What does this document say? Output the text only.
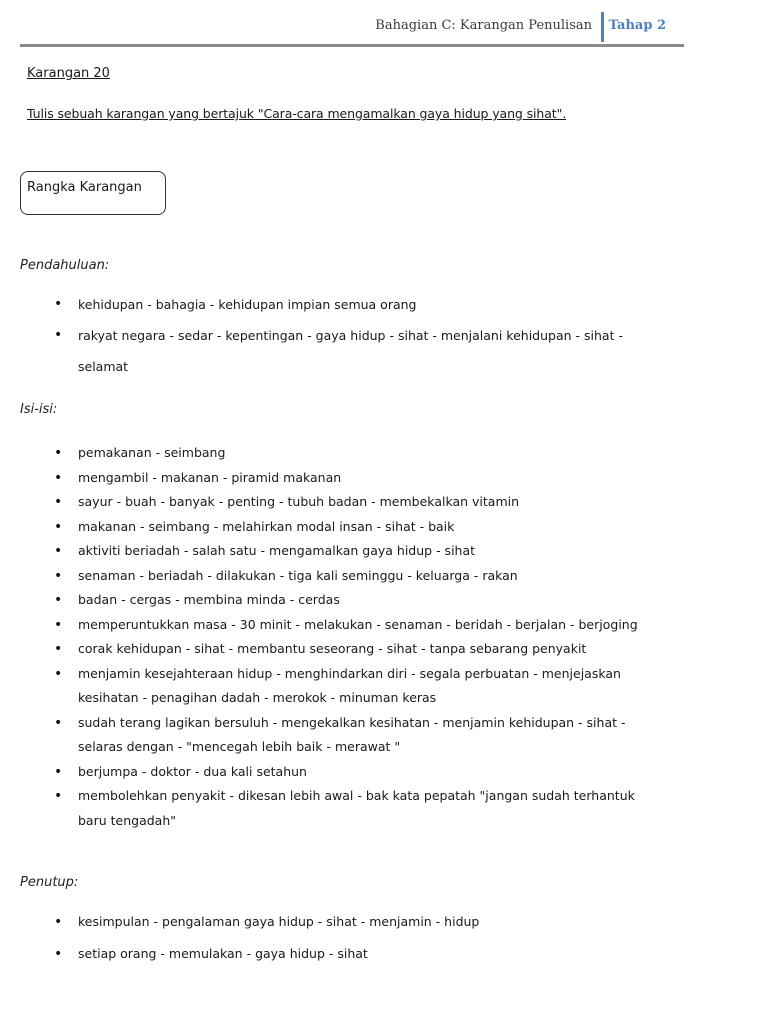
Bahagian C: Karangan Penulisan Tahap 2
Karangan 20
Tulis sebuah karangan yang bertajuk "Cara-cara mengamalkan gaya hidup yang sihat".
Rangka Karangan
Pendahuluan:
• kehidupan - bahagia - kehidupan impian semua orang
• rakyat negara - sedar - kepentingan - gaya hidup - sihat - menjalani kehidupan - sihat - selamat
Isi-isi:
• pemakanan - seimbang
• mengambil - makanan - piramid makanan
• sayur - buah - banyak - penting - tubuh badan - membekalkan vitamin
• makanan - seimbang - melahirkan modal insan - sihat - baik
• aktiviti beriadah - salah satu - mengamalkan gaya hidup - sihat
• senaman - beriadah - dilakukan - tiga kali seminggu - keluarga - rakan
• badan - cergas - membina minda - cerdas
• memperuntukkan masa - 30 minit - melakukan - senaman - beridah - berjalan - berjoging
• corak kehidupan - sihat - membantu seseorang - sihat - tanpa sebarang penyakit
• menjamin kesejahteraan hidup - menghindarkan diri - segala perbuatan - menjejaskan kesihatan - penagihan dadah - merokok - minuman keras
• sudah terang lagikan bersuluh - mengekalkan kesihatan - menjamin kehidupan - sihat - selaras dengan - "mencegah lebih baik - merawat "
• berjumpa - doktor - dua kali setahun
• membolehkan penyakit - dikesan lebih awal - bak kata pepatah "jangan sudah terhantuk baru tengadah"
Penutup:
• kesimpulan - pengalaman gaya hidup - sihat - menjamin - hidup
• setiap orang - memulakan - gaya hidup - sihat
